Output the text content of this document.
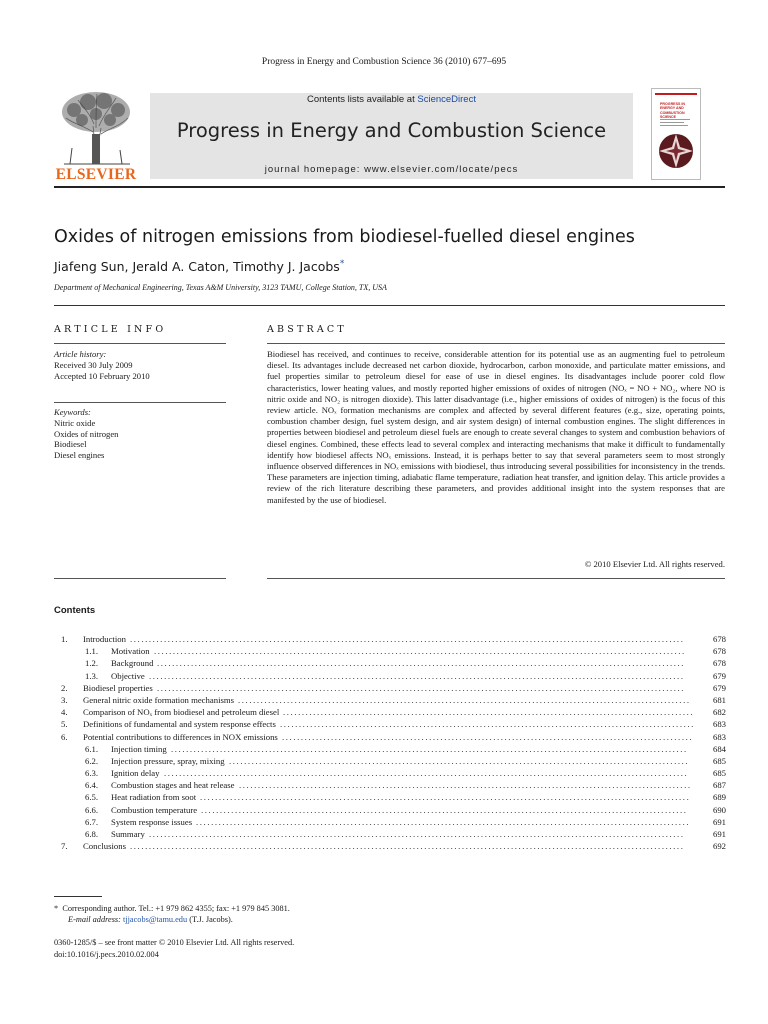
Progress in Energy and Combustion Science 36 (2010) 677–695
ELSEVIER
Contents lists available at ScienceDirect
Progress in Energy and Combustion Science
journal homepage: www.elsevier.com/locate/pecs
PROGRESS IN ENERGY AND COMBUSTION SCIENCE
Oxides of nitrogen emissions from biodiesel-fuelled diesel engines
Jiafeng Sun, Jerald A. Caton, Timothy J. Jacobs*
Department of Mechanical Engineering, Texas A&M University, 3123 TAMU, College Station, TX, USA
ARTICLE INFO
Article history:
Received 30 July 2009
Accepted 10 February 2010
Keywords:
Nitric oxide
Oxides of nitrogen
Biodiesel
Diesel engines
ABSTRACT
Biodiesel has received, and continues to receive, considerable attention for its potential use as an augmenting fuel to petroleum diesel. Its advantages include decreased net carbon dioxide, hydrocarbon, carbon monoxide, and particulate matter emissions, and fuel properties similar to petroleum diesel for ease of use in diesel engines. Its disadvantages include poorer cold flow characteristics, lower heating values, and mostly reported higher emissions of oxides of nitrogen (NOₓ = NO + NO₂, where NO is nitric oxide and NO₂ is nitrogen dioxide). This latter disadvantage (i.e., higher emissions of oxides of nitrogen) is the focus of this review article. NOₓ formation mechanisms are complex and affected by several different features (e.g., size, operating points, combustion chamber design, fuel system design, and air system design) of internal combustion engines. The slight differences in properties between biodiesel and petroleum diesel fuels are enough to create several changes to system and combustion behaviors of diesel engines. Combined, these effects lead to several complex and interacting mechanisms that make it difficult to fundamentally identify how biodiesel affects NOₓ emissions. Instead, it is perhaps better to say that several parameters seem to most strongly influence observed differences in NOₓ emissions with biodiesel, thus introducing several possibilities for inconsistency in the trends. These parameters are injection timing, adiabatic flame temperature, radiation heat transfer, and ignition delay. This article provides a review of the rich literature describing these parameters, and provides additional insight into the system responses that are manifested by the use of biodiesel.
© 2010 Elsevier Ltd. All rights reserved.
Contents
1. Introduction ...................................................................................................................................................	678
1.1. Motivation .............................................................................................................................................	678
1.2. Background ............................................................................................................................................	678
1.3. Objective ..............................................................................................................................................	679
2. Biodiesel properties ............................................................................................................................................	679
3. General nitric oxide formation mechanisms ........................................................................................................................	681
4. Comparison of NOₓ from biodiesel and petroleum diesel .............................................................................................................	682
5. Definitions of fundamental and system response effects ..............................................................................................................	683
6. Potential contributions to differences in NOX emissions .............................................................................................................	683
6.1. Injection timing .........................................................................................................................................	684
6.2. Injection pressure, spray, mixing ..........................................................................................................................	685
6.3. Ignition delay ...........................................................................................................................................	685
6.4. Combustion stages and heat release ........................................................................................................................	687
6.5. Heat radiation from soot ..................................................................................................................................	689
6.6. Combustion temperature .................................................................................................................................	690
6.7. System response issues ...................................................................................................................................	691
6.8. Summary ..............................................................................................................................................	691
7. Conclusions ...................................................................................................................................................	692
* Corresponding author. Tel.: +1 979 862 4355; fax: +1 979 845 3081.
E-mail address: tjjacobs@tamu.edu (T.J. Jacobs).
0360-1285/$ – see front matter © 2010 Elsevier Ltd. All rights reserved.
doi:10.1016/j.pecs.2010.02.004
